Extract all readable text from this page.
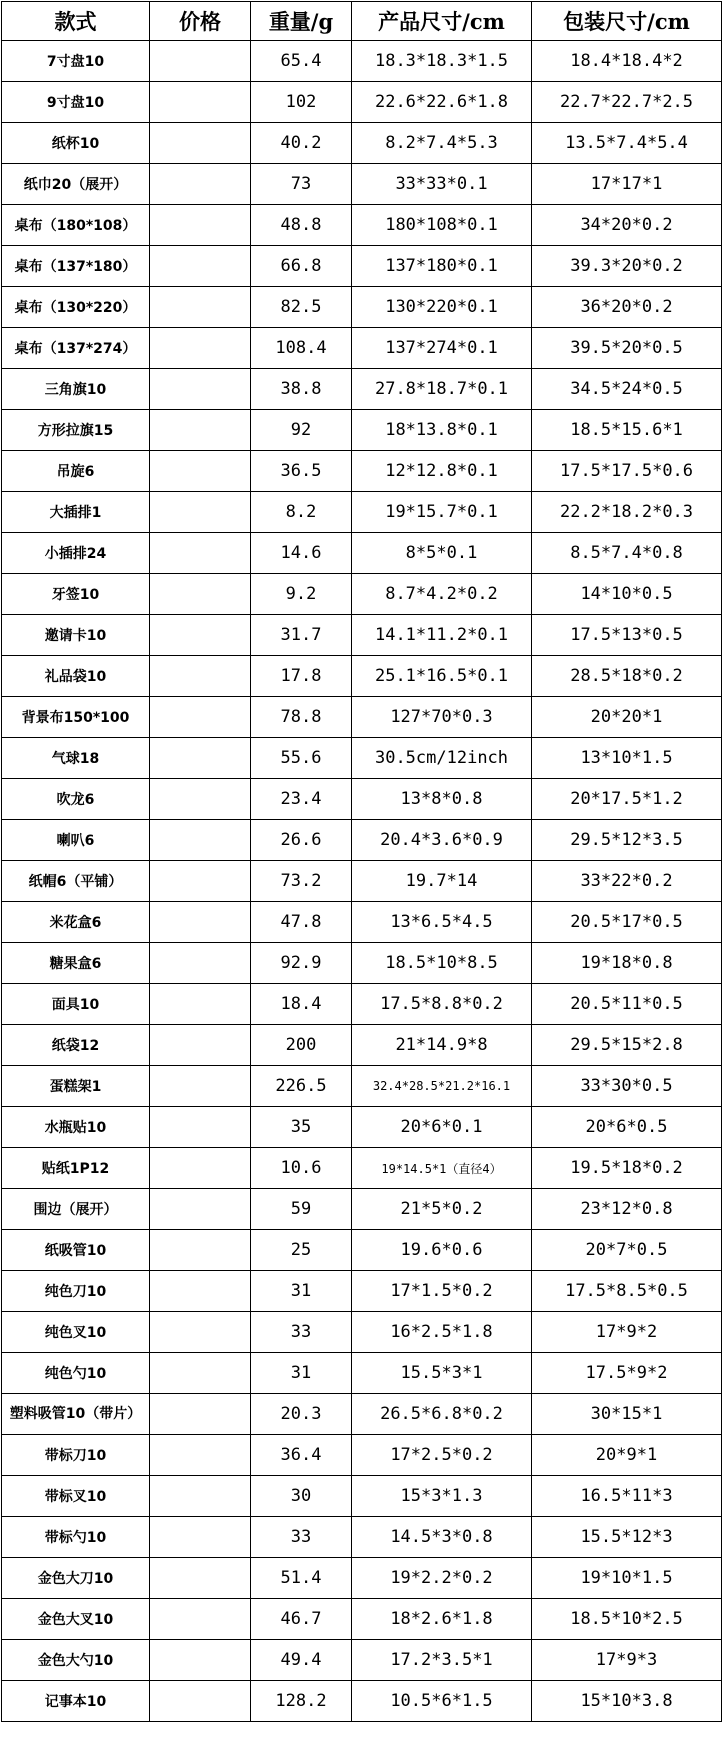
款式	价格	重量/g	产品尺寸/cm	包装尺寸/cm
7寸盘10		65.4	18.3*18.3*1.5	18.4*18.4*2
9寸盘10		102	22.6*22.6*1.8	22.7*22.7*2.5
纸杯10		40.2	8.2*7.4*5.3	13.5*7.4*5.4
纸巾20（展开）		73	33*33*0.1	17*17*1
桌布（180*108）		48.8	180*108*0.1	34*20*0.2
桌布（137*180）		66.8	137*180*0.1	39.3*20*0.2
桌布（130*220）		82.5	130*220*0.1	36*20*0.2
桌布（137*274）		108.4	137*274*0.1	39.5*20*0.5
三角旗10		38.8	27.8*18.7*0.1	34.5*24*0.5
方形拉旗15		92	18*13.8*0.1	18.5*15.6*1
吊旋6		36.5	12*12.8*0.1	17.5*17.5*0.6
大插排1		8.2	19*15.7*0.1	22.2*18.2*0.3
小插排24		14.6	8*5*0.1	8.5*7.4*0.8
牙签10		9.2	8.7*4.2*0.2	14*10*0.5
邀请卡10		31.7	14.1*11.2*0.1	17.5*13*0.5
礼品袋10		17.8	25.1*16.5*0.1	28.5*18*0.2
背景布150*100		78.8	127*70*0.3	20*20*1
气球18		55.6	30.5cm/12inch	13*10*1.5
吹龙6		23.4	13*8*0.8	20*17.5*1.2
喇叭6		26.6	20.4*3.6*0.9	29.5*12*3.5
纸帽6（平铺）		73.2	19.7*14	33*22*0.2
米花盒6		47.8	13*6.5*4.5	20.5*17*0.5
糖果盒6		92.9	18.5*10*8.5	19*18*0.8
面具10		18.4	17.5*8.8*0.2	20.5*11*0.5
纸袋12		200	21*14.9*8	29.5*15*2.8
蛋糕架1		226.5	32.4*28.5*21.2*16.1	33*30*0.5
水瓶贴10		35	20*6*0.1	20*6*0.5
贴纸1P12		10.6	19*14.5*1（直径4）	19.5*18*0.2
围边（展开）		59	21*5*0.2	23*12*0.8
纸吸管10		25	19.6*0.6	20*7*0.5
纯色刀10		31	17*1.5*0.2	17.5*8.5*0.5
纯色叉10		33	16*2.5*1.8	17*9*2
纯色勺10		31	15.5*3*1	17.5*9*2
塑料吸管10（带片）		20.3	26.5*6.8*0.2	30*15*1
带标刀10		36.4	17*2.5*0.2	20*9*1
带标叉10		30	15*3*1.3	16.5*11*3
带标勺10		33	14.5*3*0.8	15.5*12*3
金色大刀10		51.4	19*2.2*0.2	19*10*1.5
金色大叉10		46.7	18*2.6*1.8	18.5*10*2.5
金色大勺10		49.4	17.2*3.5*1	17*9*3
记事本10		128.2	10.5*6*1.5	15*10*3.8
